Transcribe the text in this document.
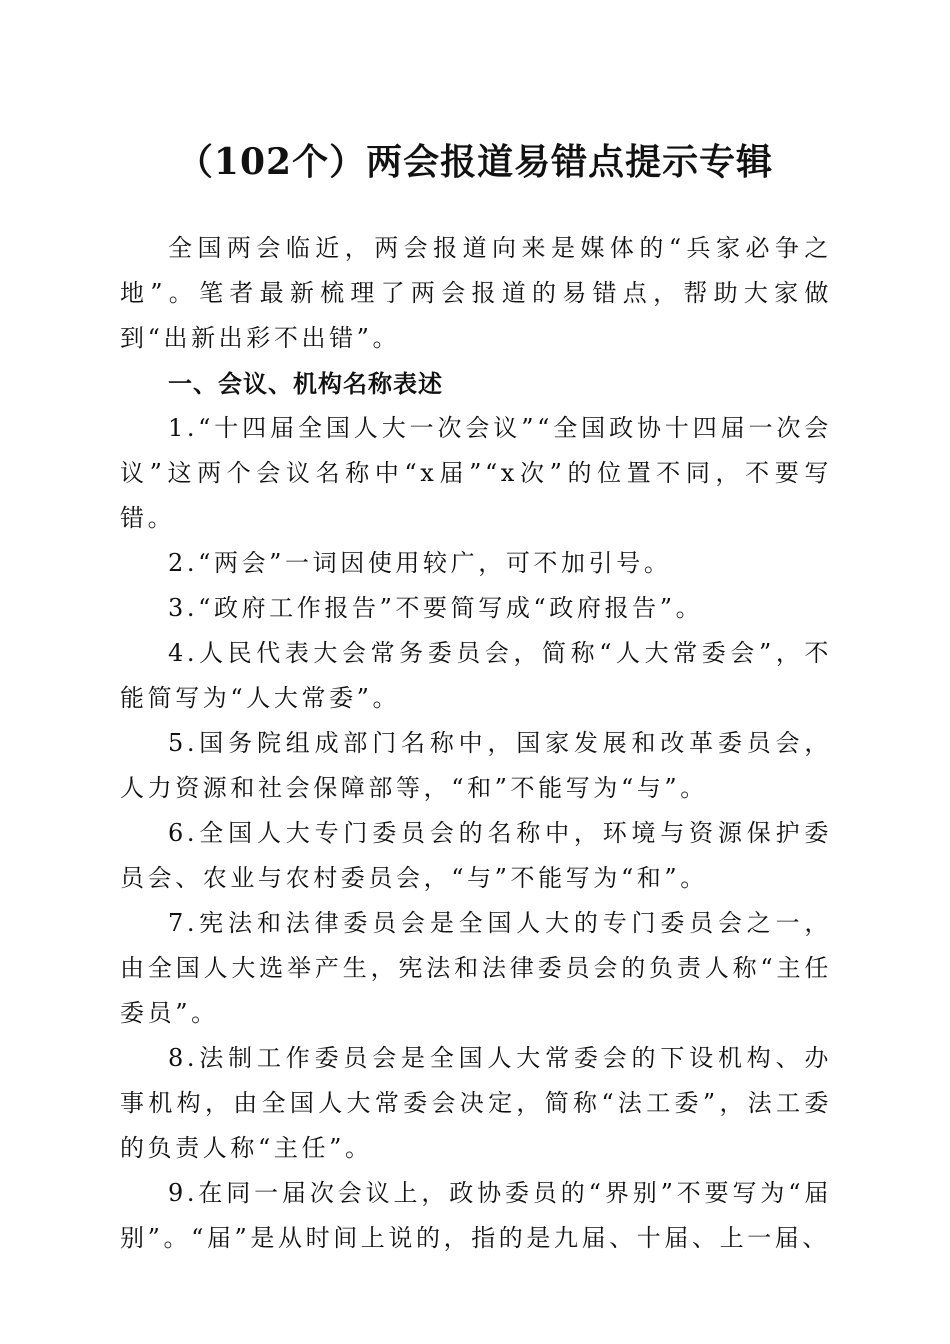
（102个）两会报道易错点提示专辑

全国两会临近，两会报道向来是媒体的“兵家必争之地”。笔者最新梳理了两会报道的易错点，帮助大家做到“出新出彩不出错”。

一、会议、机构名称表述

1.“十四届全国人大一次会议”“全国政协十四届一次会议”这两个会议名称中“x届”“x次”的位置不同，不要写错。

2.“两会”一词因使用较广，可不加引号。

3.“政府工作报告”不要简写成“政府报告”。

4.人民代表大会常务委员会，简称“人大常委会”，不能简写为“人大常委”。

5.国务院组成部门名称中，国家发展和改革委员会，人力资源和社会保障部等，“和”不能写为“与”。

6.全国人大专门委员会的名称中，环境与资源保护委员会、农业与农村委员会，“与”不能写为“和”。

7.宪法和法律委员会是全国人大的专门委员会之一，由全国人大选举产生，宪法和法律委员会的负责人称“主任委员”。

8.法制工作委员会是全国人大常委会的下设机构、办事机构，由全国人大常委会决定，简称“法工委”，法工委的负责人称“主任”。

9.在同一届次会议上，政协委员的“界别”不要写为“届别”。“届”是从时间上说的，指的是九届、十届、上一届、
